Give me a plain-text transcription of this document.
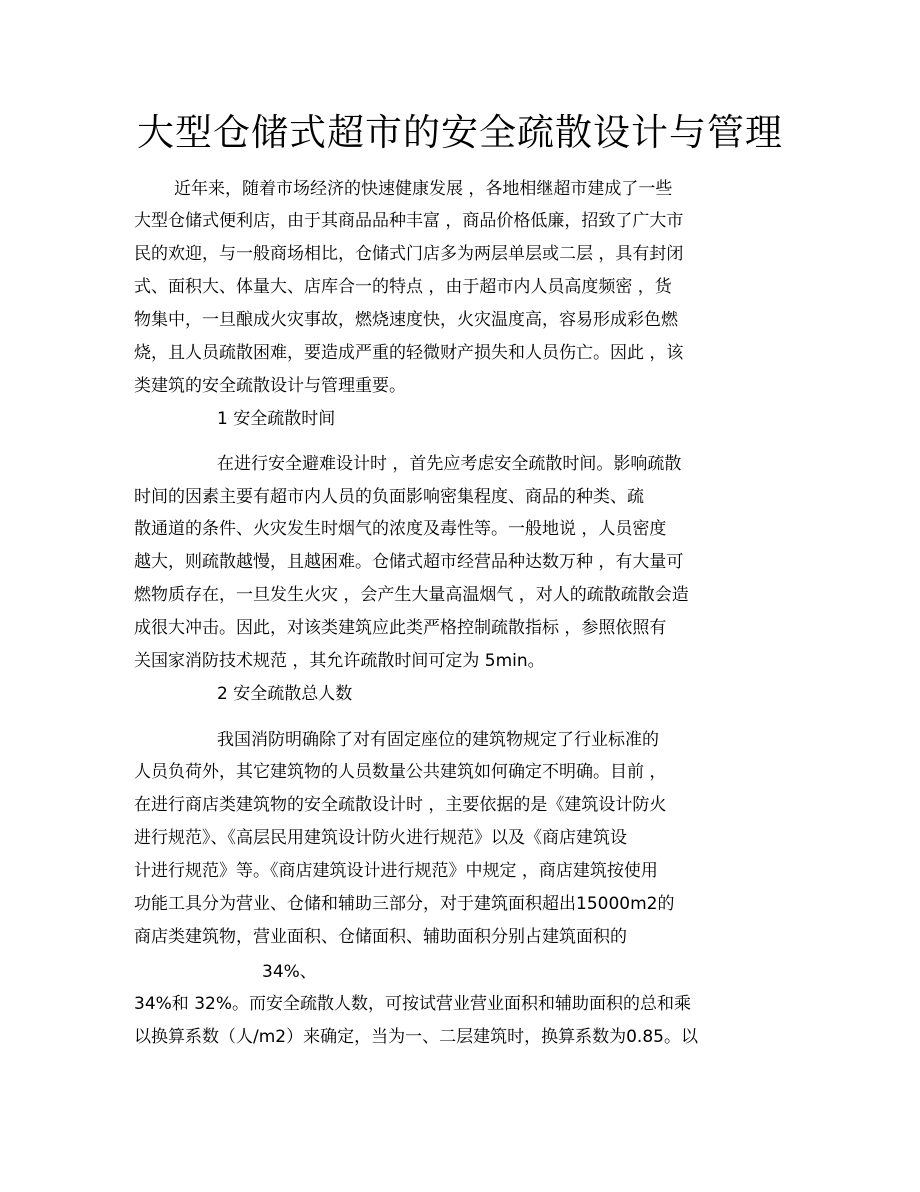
大型仓储式超市的安全疏散设计与管理

近年来，随着市场经济的快速健康发展 ，各地相继超市建成了一些

大型仓储式便利店，由于其商品品种丰富 ，商品价格低廉，招致了广大市

民的欢迎，与一般商场相比，仓储式门店多为两层单层或二层 ，具有封闭

式、面积大、体量大、店库合一的特点 ，由于超市内人员高度频密 ，货

物集中，一旦酿成火灾事故，燃烧速度快，火灾温度高，容易形成彩色燃

烧，且人员疏散困难，要造成严重的轻微财产损失和人员伤亡。因此 ，该

类建筑的安全疏散设计与管理重要。

1 安全疏散时间

在进行安全避难设计时 ，首先应考虑安全疏散时间。影响疏散

时间的因素主要有超市内人员的负面影响密集程度、商品的种类、疏

散通道的条件、火灾发生时烟气的浓度及毒性等。一般地说 ，人员密度

越大，则疏散越慢，且越困难。仓储式超市经营品种达数万种 ，有大量可

燃物质存在，一旦发生火灾 ，会产生大量高温烟气 ，对人的疏散疏散会造

成很大冲击。因此，对该类建筑应此类严格控制疏散指标 ，参照依照有

关国家消防技术规范 ，其允许疏散时间可定为 5min。

2 安全疏散总人数

我国消防明确除了对有固定座位的建筑物规定了行业标准的

人员负荷外，其它建筑物的人员数量公共建筑如何确定不明确。目前 ，

在进行商店类建筑物的安全疏散设计时 ，主要依据的是《建筑设计防火

进行规范》、《高层民用建筑设计防火进行规范》以及《商店建筑设

计进行规范》等。《商店建筑设计进行规范》中规定 ，商店建筑按使用

功能工具分为营业、仓储和辅助三部分，对于建筑面积超出15000m2的

商店类建筑物，营业面积、仓储面积、辅助面积分别占建筑面积的

34%、

34%和 32%。而安全疏散人数，可按试营业营业面积和辅助面积的总和乘

以换算系数（人/m2）来确定，当为一、二层建筑时，换算系数为0.85。以
